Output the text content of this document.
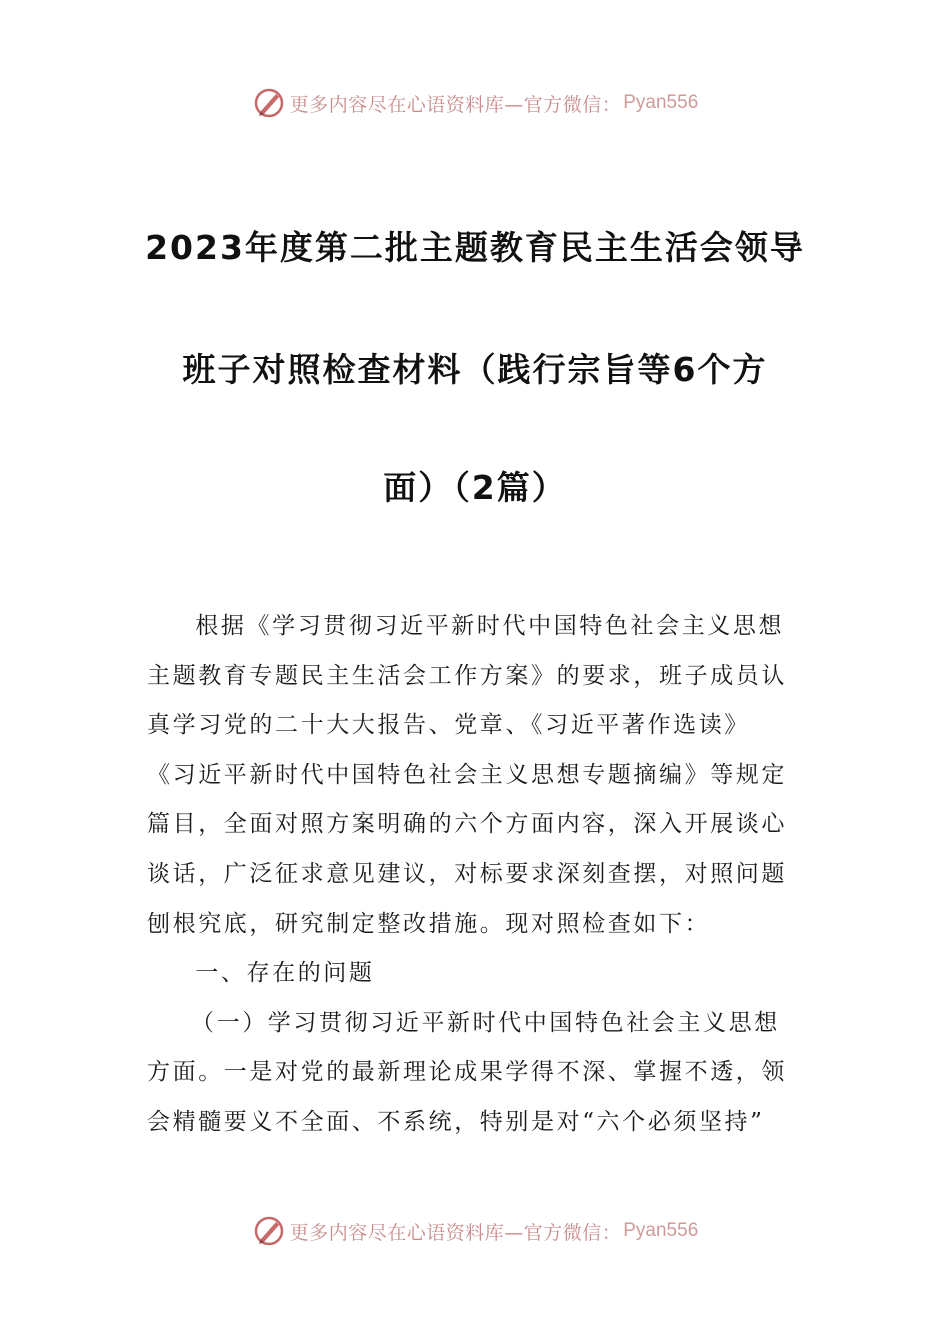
更多内容尽在心语资料库—官方微信： Pyan556
2023年度第二批主题教育民主生活会领导
班子对照检查材料（践行宗旨等6个方
面）（2篇）

根据《学习贯彻习近平新时代中国特色社会主义思想

主题教育专题民主生活会工作方案》的要求，班子成员认

真学习党的二十大大报告、党章、《习近平著作选读》

《习近平新时代中国特色社会主义思想专题摘编》等规定

篇目，全面对照方案明确的六个方面内容，深入开展谈心

谈话，广泛征求意见建议，对标要求深刻查摆，对照问题

刨根究底，研究制定整改措施。现对照检查如下：

一、存在的问题

（一）学习贯彻习近平新时代中国特色社会主义思想

方面。一是对党的最新理论成果学得不深、掌握不透，领

会精髓要义不全面、不系统，特别是对“六个必须坚持”

更多内容尽在心语资料库—官方微信： Pyan556
